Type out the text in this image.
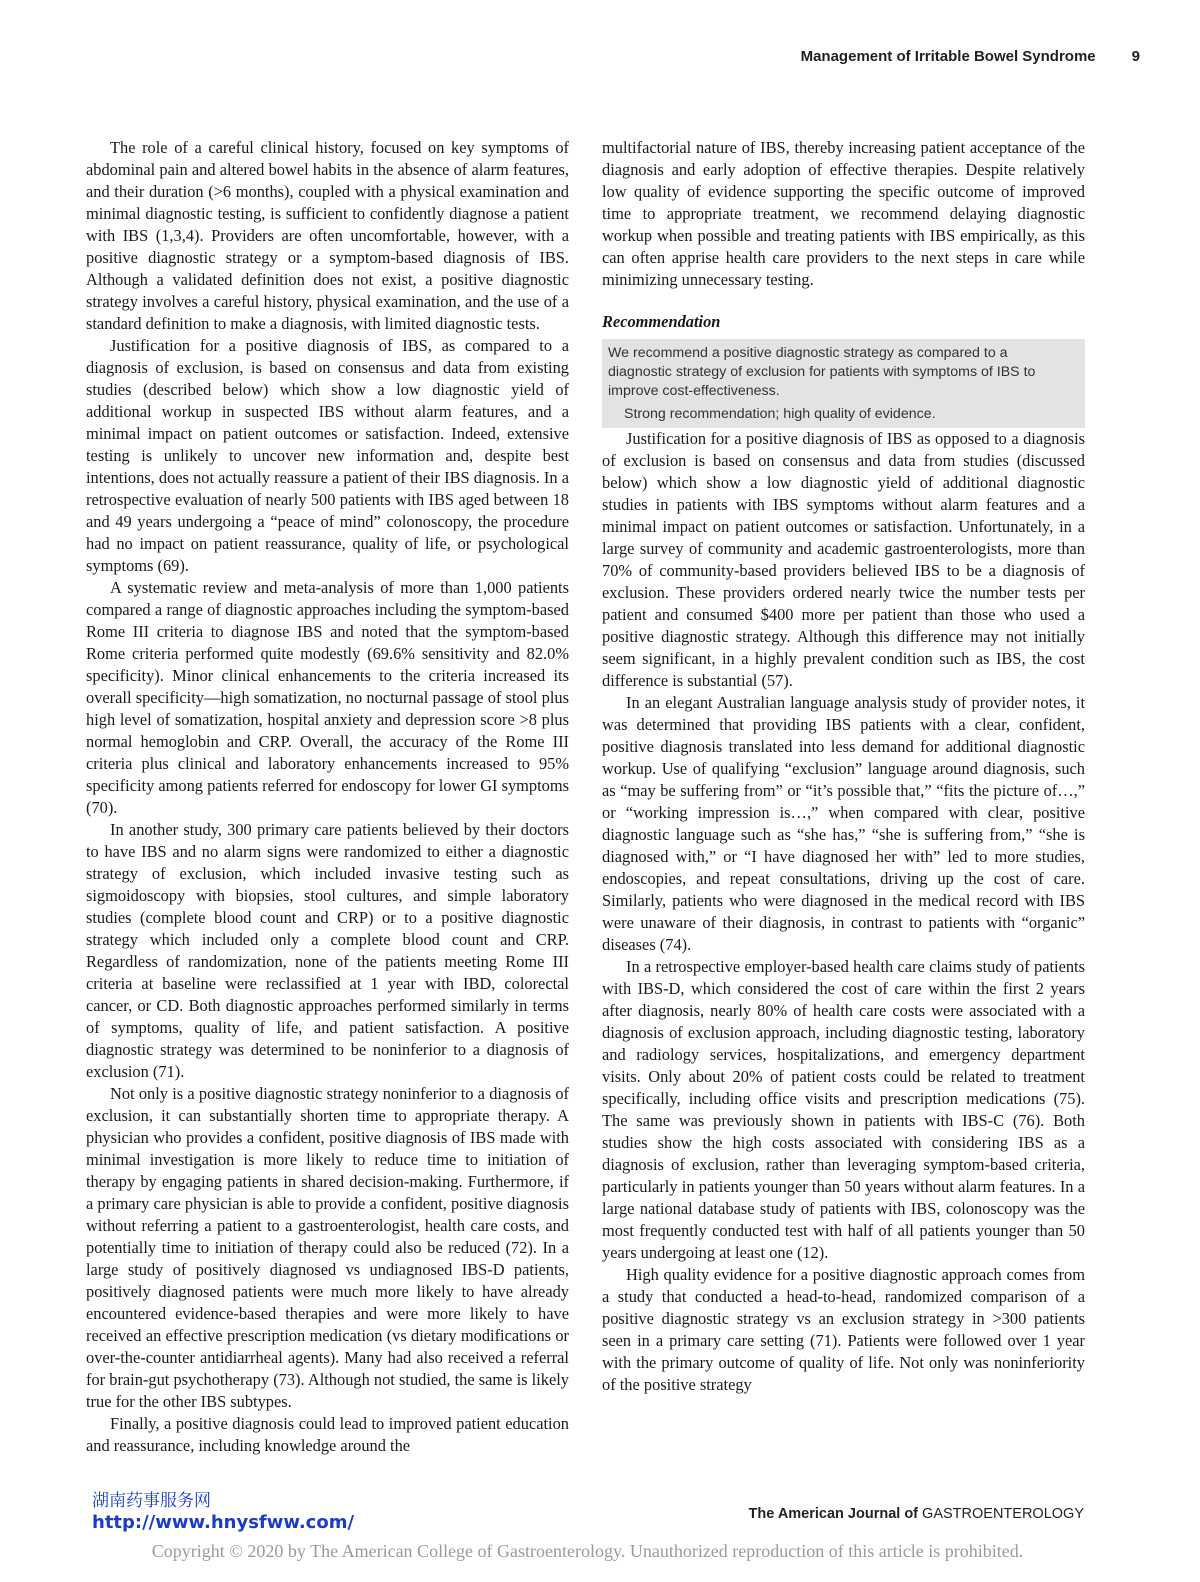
Management of Irritable Bowel Syndrome 9

The role of a careful clinical history, focused on key symptoms of abdominal pain and altered bowel habits in the absence of alarm features, and their duration (>6 months), coupled with a physical examination and minimal diagnostic testing, is sufficient to confidently diagnose a patient with IBS (1,3,4). Providers are often uncomfortable, however, with a positive diagnostic strategy or a symptom-based diagnosis of IBS. Although a validated definition does not exist, a positive diagnostic strategy involves a careful history, physical examination, and the use of a standard definition to make a diagnosis, with limited diagnostic tests.

Justification for a positive diagnosis of IBS, as compared to a diagnosis of exclusion, is based on consensus and data from existing studies (described below) which show a low diagnostic yield of additional workup in suspected IBS without alarm features, and a minimal impact on patient outcomes or satisfaction. Indeed, extensive testing is unlikely to uncover new information and, despite best intentions, does not actually reassure a patient of their IBS diagnosis. In a retrospective evaluation of nearly 500 patients with IBS aged between 18 and 49 years undergoing a “peace of mind” colonoscopy, the procedure had no impact on patient reassurance, quality of life, or psychological symptoms (69).

A systematic review and meta-analysis of more than 1,000 patients compared a range of diagnostic approaches including the symptom-based Rome III criteria to diagnose IBS and noted that the symptom-based Rome criteria performed quite modestly (69.6% sensitivity and 82.0% specificity). Minor clinical enhancements to the criteria increased its overall specificity—high somatization, no nocturnal passage of stool plus high level of somatization, hospital anxiety and depression score >8 plus normal hemoglobin and CRP. Overall, the accuracy of the Rome III criteria plus clinical and laboratory enhancements increased to 95% specificity among patients referred for endoscopy for lower GI symptoms (70).

In another study, 300 primary care patients believed by their doctors to have IBS and no alarm signs were randomized to either a diagnostic strategy of exclusion, which included invasive testing such as sigmoidoscopy with biopsies, stool cultures, and simple laboratory studies (complete blood count and CRP) or to a positive diagnostic strategy which included only a complete blood count and CRP. Regardless of randomization, none of the patients meeting Rome III criteria at baseline were reclassified at 1 year with IBD, colorectal cancer, or CD. Both diagnostic approaches performed similarly in terms of symptoms, quality of life, and patient satisfaction. A positive diagnostic strategy was determined to be noninferior to a diagnosis of exclusion (71).

Not only is a positive diagnostic strategy noninferior to a diagnosis of exclusion, it can substantially shorten time to appropriate therapy. A physician who provides a confident, positive diagnosis of IBS made with minimal investigation is more likely to reduce time to initiation of therapy by engaging patients in shared decision-making. Furthermore, if a primary care physician is able to provide a confident, positive diagnosis without referring a patient to a gastroenterologist, health care costs, and potentially time to initiation of therapy could also be reduced (72). In a large study of positively diagnosed vs undiagnosed IBS-D patients, positively diagnosed patients were much more likely to have already encountered evidence-based therapies and were more likely to have received an effective prescription medication (vs dietary modifications or over-the-counter antidiarrheal agents). Many had also received a referral for brain-gut psychotherapy (73). Although not studied, the same is likely true for the other IBS subtypes.

Finally, a positive diagnosis could lead to improved patient education and reassurance, including knowledge around the

multifactorial nature of IBS, thereby increasing patient acceptance of the diagnosis and early adoption of effective therapies. Despite relatively low quality of evidence supporting the specific outcome of improved time to appropriate treatment, we recommend delaying diagnostic workup when possible and treating patients with IBS empirically, as this can often apprise health care providers to the next steps in care while minimizing unnecessary testing.

Recommendation
We recommend a positive diagnostic strategy as compared to a diagnostic strategy of exclusion for patients with symptoms of IBS to improve cost-effectiveness.
Strong recommendation; high quality of evidence.

Justification for a positive diagnosis of IBS as opposed to a diagnosis of exclusion is based on consensus and data from studies (discussed below) which show a low diagnostic yield of additional diagnostic studies in patients with IBS symptoms without alarm features and a minimal impact on patient outcomes or satisfaction. Unfortunately, in a large survey of community and academic gastroenterologists, more than 70% of community-based providers believed IBS to be a diagnosis of exclusion. These providers ordered nearly twice the number tests per patient and consumed $400 more per patient than those who used a positive diagnostic strategy. Although this difference may not initially seem significant, in a highly prevalent condition such as IBS, the cost difference is substantial (57).

In an elegant Australian language analysis study of provider notes, it was determined that providing IBS patients with a clear, confident, positive diagnosis translated into less demand for additional diagnostic workup. Use of qualifying “exclusion” language around diagnosis, such as “may be suffering from” or “it’s possible that,” “fits the picture of…,” or “working impression is…,” when compared with clear, positive diagnostic language such as “she has,” “she is suffering from,” “she is diagnosed with,” or “I have diagnosed her with” led to more studies, endoscopies, and repeat consultations, driving up the cost of care. Similarly, patients who were diagnosed in the medical record with IBS were unaware of their diagnosis, in contrast to patients with “organic” diseases (74).

In a retrospective employer-based health care claims study of patients with IBS-D, which considered the cost of care within the first 2 years after diagnosis, nearly 80% of health care costs were associated with a diagnosis of exclusion approach, including diagnostic testing, laboratory and radiology services, hospitalizations, and emergency department visits. Only about 20% of patient costs could be related to treatment specifically, including office visits and prescription medications (75). The same was previously shown in patients with IBS-C (76). Both studies show the high costs associated with considering IBS as a diagnosis of exclusion, rather than leveraging symptom-based criteria, particularly in patients younger than 50 years without alarm features. In a large national database study of patients with IBS, colonoscopy was the most frequently conducted test with half of all patients younger than 50 years undergoing at least one (12).

High quality evidence for a positive diagnostic approach comes from a study that conducted a head-to-head, randomized comparison of a positive diagnostic strategy vs an exclusion strategy in >300 patients seen in a primary care setting (71). Patients were followed over 1 year with the primary outcome of quality of life. Not only was noninferiority of the positive strategy

湖南药事服务网
http://www.hnysfww.com/	The American Journal of GASTROENTEROLOGY
Copyright © 2020 by The American College of Gastroenterology. Unauthorized reproduction of this article is prohibited.
